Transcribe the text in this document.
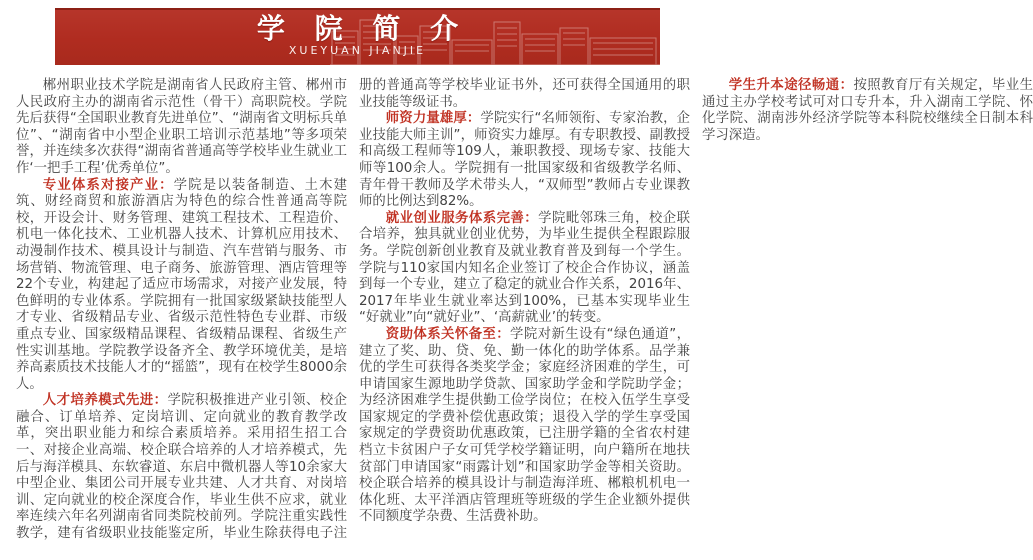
学 院 简 介
XUEYUAN JIANJIE

郴州职业技术学院是湖南省人民政府主管、郴州市人民政府主办的湖南省示范性（骨干）高职院校。学院先后获得“全国职业教育先进单位”、“湖南省文明标兵单位”、“湖南省中小型企业职工培训示范基地”等多项荣誉，并连续多次获得“湖南省普通高等学校毕业生就业工作‘一把手工程’优秀单位”。

专业体系对接产业：学院是以装备制造、土木建筑、财经商贸和旅游酒店为特色的综合性普通高等院校，开设会计、财务管理、建筑工程技术、工程造价、机电一体化技术、工业机器人技术、计算机应用技术、动漫制作技术、模具设计与制造、汽车营销与服务、市场营销、物流管理、电子商务、旅游管理、酒店管理等22个专业，构建起了适应市场需求，对接产业发展，特色鲜明的专业体系。学院拥有一批国家级紧缺技能型人才专业、省级精品专业、省级示范性特色专业群、市级重点专业、国家级精品课程、省级精品课程、省级生产性实训基地。学院教学设备齐全、教学环境优美，是培养高素质技术技能人才的“摇篮”，现有在校学生8000余人。

人才培养模式先进：学院积极推进产业引领、校企融合、订单培养、定岗培训、定向就业的教育教学改革，突出职业能力和综合素质培养。采用招生招工合一、对接企业高端、校企联合培养的人才培养模式，先后与海洋模具、东软睿道、东启中微机器人等10余家大中型企业、集团公司开展专业共建、人才共育、对岗培训、定向就业的校企深度合作，毕业生供不应求，就业率连续六年名列湖南省同类院校前列。学院注重实践性教学，建有省级职业技能鉴定所，毕业生除获得电子注册的普通高等学校毕业证书外，还可获得全国通用的职业技能等级证书。

师资力量雄厚：学院实行“名师领衔、专家治教，企业技能大师主训”，师资实力雄厚。有专职教授、副教授和高级工程师等109人，兼职教授、现场专家、技能大师等100余人。学院拥有一批国家级和省级教学名师、青年骨干教师及学术带头人，“双师型”教师占专业课教师的比例达到82%。

就业创业服务体系完善：学院毗邻珠三角，校企联合培养，独具就业创业优势，为毕业生提供全程跟踪服务。学院创新创业教育及就业教育普及到每一个学生。学院与110家国内知名企业签订了校企合作协议，涵盖到每一个专业，建立了稳定的就业合作关系，2016年、2017年毕业生就业率达到100%，已基本实现毕业生“好就业”向“就好业”、‘高薪就业’的转变。

资助体系关怀备至：学院对新生设有“绿色通道”，建立了奖、助、贷、免、勤一体化的助学体系。品学兼优的学生可获得各类奖学金；家庭经济困难的学生，可申请国家生源地助学贷款、国家助学金和学院助学金；为经济困难学生提供勤工俭学岗位；在校入伍学生享受国家规定的学费补偿优惠政策；退役入学的学生享受国家规定的学费资助优惠政策，已注册学籍的全省农村建档立卡贫困户子女可凭学校学籍证明，向户籍所在地扶贫部门申请国家“雨露计划”和国家助学金等相关资助。校企联合培养的模具设计与制造海洋班、郴粮机机电一体化班、太平洋酒店管理班等班级的学生企业额外提供不同额度学杂费、生活费补助。

学生升本途径畅通：按照教育厅有关规定，毕业生通过主办学校考试可对口专升本，升入湖南工学院、怀化学院、湖南涉外经济学院等本科院校继续全日制本科学习深造。
